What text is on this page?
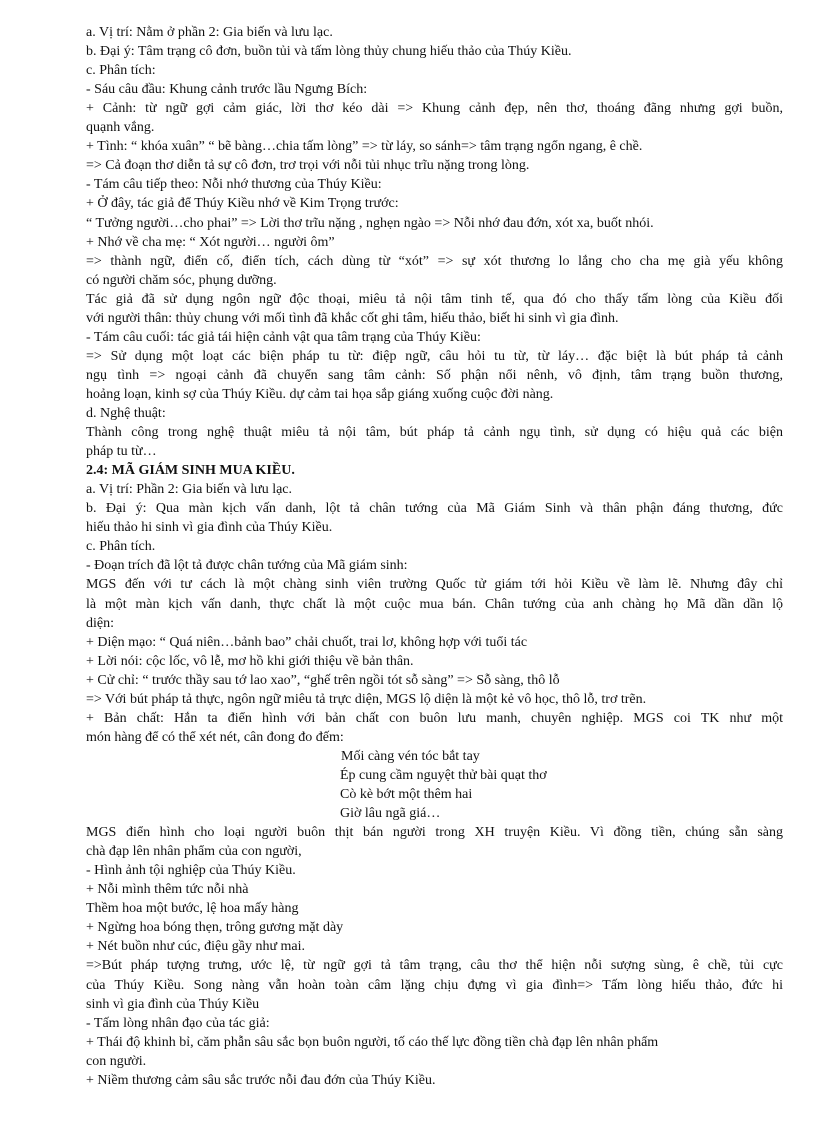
a. Vị trí: Nằm ở phần 2: Gia biến và lưu lạc.
b. Đại ý: Tâm trạng cô đơn, buồn tủi và tấm lòng thủy chung hiếu thảo của Thúy Kiều.
c. Phân tích:
- Sáu câu đầu: Khung cảnh trước lầu Ngưng Bích:
+ Cảnh: từ ngữ gợi cảm giác, lời thơ kéo dài => Khung cảnh đẹp, nên thơ, thoáng đãng nhưng gợi buồn,
quạnh vắng.
+ Tình: “ khóa xuân” “ bẽ bàng…chia tấm lòng” => từ láy, so sánh=> tâm trạng ngổn ngang, ê chề.
=> Cả đoạn thơ diễn tả sự cô đơn, trơ trọi với nỗi tủi nhục trĩu nặng trong lòng.
- Tám câu tiếp theo: Nỗi nhớ thương của Thúy Kiều:
+ Ở đây, tác giả để Thúy Kiều nhớ về Kim Trọng trước:
“ Tưởng người…cho phai” => Lời thơ trĩu nặng , nghẹn ngào => Nỗi nhớ đau đớn, xót xa, buốt nhói.
+ Nhớ về cha mẹ: “ Xót người… người ôm”
=> thành ngữ, điển cố, điển tích, cách dùng từ “xót” => sự xót thương lo lắng cho cha mẹ già yếu không
có người chăm sóc, phụng dưỡng.
Tác giả đã sử dụng ngôn ngữ độc thoại, miêu tả nội tâm tinh tế, qua đó cho thấy tấm lòng của Kiều đối
với người thân: thủy chung với mối tình đã khắc cốt ghi tâm, hiếu thảo, biết hi sinh vì gia đình.
- Tám câu cuối: tác giả tái hiện cảnh vật qua tâm trạng của Thúy Kiều:
=> Sử dụng một loạt các biện pháp tu từ: điệp ngữ, câu hỏi tu từ, từ láy… đặc biệt là bút pháp tả cảnh
ngụ tình => ngoại cảnh đã chuyển sang tâm cảnh: Số phận nổi nênh, vô định, tâm trạng buồn thương,
hoảng loạn, kinh sợ của Thúy Kiều. dự cảm tai họa sắp giáng xuống cuộc đời nàng.
d. Nghệ thuật:
Thành công trong nghệ thuật miêu tả nội tâm, bút pháp tả cảnh ngụ tình, sử dụng có hiệu quả các biện
pháp tu từ…
2.4: MÃ GIÁM SINH MUA KIỀU.
a. Vị trí: Phần 2: Gia biến và lưu lạc.
b. Đại ý: Qua màn kịch vấn danh, lột tả chân tướng của Mã Giám Sinh và thân phận đáng thương, đức
hiếu thảo hi sinh vì gia đình của Thúy Kiều.
c. Phân tích.
- Đoạn trích đã lột tả được chân tướng của Mã giám sinh:
MGS đến với tư cách là một chàng sinh viên trường Quốc tử giám tới hỏi Kiều về làm lẽ. Nhưng đây chỉ
là một màn kịch vấn danh, thực chất là một cuộc mua bán. Chân tướng của anh chàng họ Mã dần dần lộ
diện:
+ Diện mạo: “ Quá niên…bảnh bao” chải chuốt, trai lơ, không hợp với tuổi tác
+ Lời nói: cộc lốc, vô lễ, mơ hồ khi giới thiệu về bản thân.
+ Cử chỉ: “ trước thầy sau tớ lao xao”, “ghế trên ngồi tót sỗ sàng” => Sỗ sàng, thô lỗ
=> Với bút pháp tả thực, ngôn ngữ miêu tả trực diện, MGS lộ diện là một kẻ vô học, thô lỗ, trơ trẽn.
+ Bản chất: Hắn ta điển hình với bản chất con buôn lưu manh, chuyên nghiệp. MGS coi TK như một
món hàng để có thể xét nét, cân đong đo đếm:
Mối càng vén tóc bắt tay
Ép cung cầm nguyệt thử bài quạt thơ
Cò kè bớt một thêm hai
Giờ lâu ngã giá…
MGS điển hình cho loại người buôn thịt bán người trong XH truyện Kiều. Vì đồng tiền, chúng sẵn sàng
chà đạp lên nhân phẩm của con người,
- Hình ảnh tội nghiệp của Thúy Kiều.
+ Nỗi mình thêm tức nỗi nhà
Thềm hoa một bước, lệ hoa mấy hàng
+ Ngừng hoa bóng thẹn, trông gương mặt dày
+ Nét buồn như cúc, điệu gầy như mai.
=>Bút pháp tượng trưng, ước lệ, từ ngữ gợi tả tâm trạng, câu thơ thể hiện nỗi sượng sùng, ê chề, tủi cực
của Thúy Kiều. Song nàng vẫn hoàn toàn câm lặng chịu đựng vì gia đình=> Tấm lòng hiếu thảo, đức hi
sinh vì gia đình của Thúy Kiều
- Tấm lòng nhân đạo của tác giả:
+ Thái độ khinh bỉ, căm phẫn sâu sắc bọn buôn người, tố cáo thế lực đồng tiền chà đạp lên nhân phẩm
con người.
+ Niềm thương cảm sâu sắc trước nỗi đau đớn của Thúy Kiều.
